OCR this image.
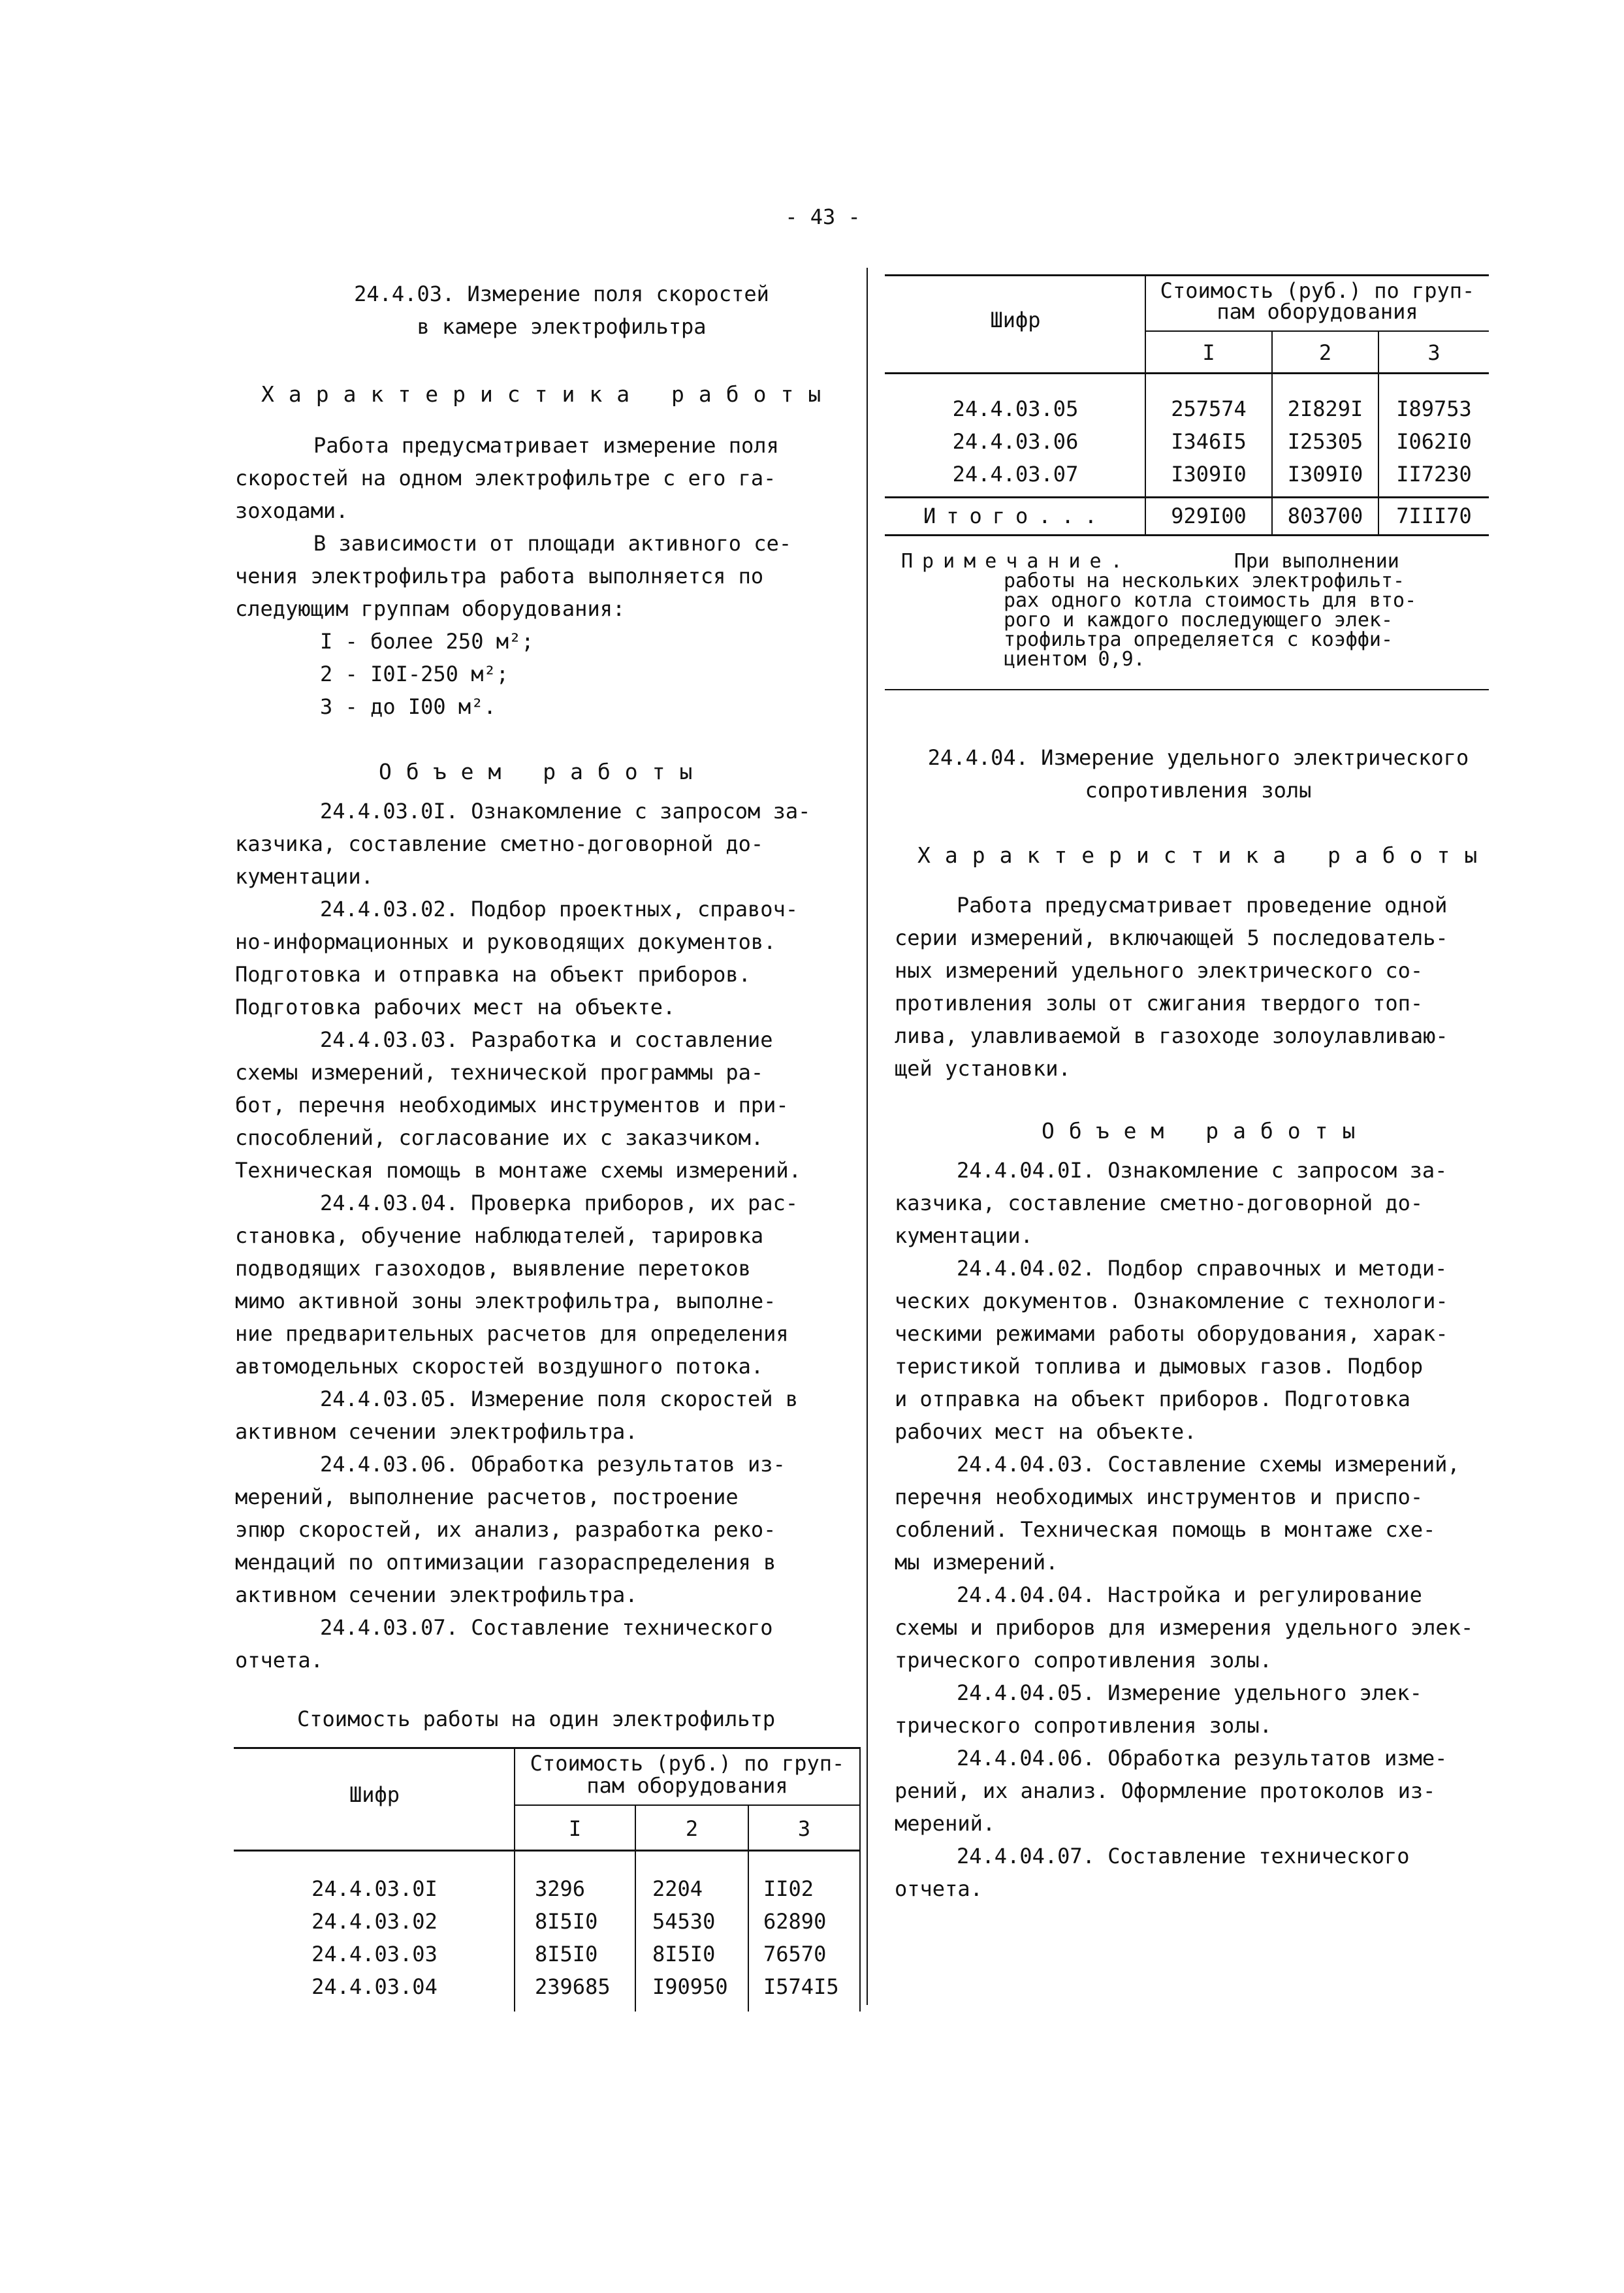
- 43 -
24.4.03. Измерение поля скоростей
в камере электрофильтра
Характеристика работы
Работа предусматривает измерение поля
скоростей на одном электрофильтре с его га-
зоходами.
В зависимости от площади активного се-
чения электрофильтра работа выполняется по
следующим группам оборудования:
I - более 250 м²;
2 - I0I-250 м²;
3 - до I00 м².
Объем работы
24.4.03.0I. Ознакомление с запросом за-
казчика, составление сметно-договорной до-
кументации.
24.4.03.02. Подбор проектных, справоч-
но-информационных и руководящих документов.
Подготовка и отправка на объект приборов.
Подготовка рабочих мест на объекте.
24.4.03.03. Разработка и составление
схемы измерений, технической программы ра-
бот, перечня необходимых инструментов и при-
способлений, согласование их с заказчиком.
Техническая помощь в монтаже схемы измерений.
24.4.03.04. Проверка приборов, их рас-
становка, обучение наблюдателей, тарировка
подводящих газоходов, выявление перетоков
мимо активной зоны электрофильтра, выполне-
ние предварительных расчетов для определения
автомодельных скоростей воздушного потока.
24.4.03.05. Измерение поля скоростей в
активном сечении электрофильтра.
24.4.03.06. Обработка результатов из-
мерений, выполнение расчетов, построение
эпюр скоростей, их анализ, разработка реко-
мендаций по оптимизации газораспределения в
активном сечении электрофильтра.
24.4.03.07. Составление технического
отчета.
Стоимость работы на один электрофильтр
Шифр
Стоимость (руб.) по груп-
пам оборудования
I	2	3
24.4.03.0I	3296	2204	II02
24.4.03.02	8I5I0	54530	62890
24.4.03.03	8I5I0	8I5I0	76570
24.4.03.04	239685	I90950	I574I5
Шифр
Стоимость (руб.) по груп-
пам оборудования
I	2	3
24.4.03.05	257574	2I829I	I89753
24.4.03.06	I346I5	I25305	I062I0
24.4.03.07	I309I0	I309I0	II7230
Итого...	929I00	803700	7III70
Примечание.	При выполнении
работы на нескольких электрофильт-
рах одного котла стоимость для вто-
рого и каждого последующего элек-
трофильтра определяется с коэффи-
циентом 0,9.
24.4.04. Измерение удельного электрического
сопротивления золы
Характеристика работы
Работа предусматривает проведение одной
серии измерений, включающей 5 последователь-
ных измерений удельного электрического со-
противления золы от сжигания твердого топ-
лива, улавливаемой в газоходе золоулавливаю-
щей установки.
Объем работы
24.4.04.0I. Ознакомление с запросом за-
казчика, составление сметно-договорной до-
кументации.
24.4.04.02. Подбор справочных и методи-
ческих документов. Ознакомление с технологи-
ческими режимами работы оборудования, харак-
теристикой топлива и дымовых газов. Подбор
и отправка на объект приборов. Подготовка
рабочих мест на объекте.
24.4.04.03. Составление схемы измерений,
перечня необходимых инструментов и приспо-
соблений. Техническая помощь в монтаже схе-
мы измерений.
24.4.04.04. Настройка и регулирование
схемы и приборов для измерения удельного элек-
трического сопротивления золы.
24.4.04.05. Измерение удельного элек-
трического сопротивления золы.
24.4.04.06. Обработка результатов изме-
рений, их анализ. Оформление протоколов из-
мерений.
24.4.04.07. Составление технического
отчета.
